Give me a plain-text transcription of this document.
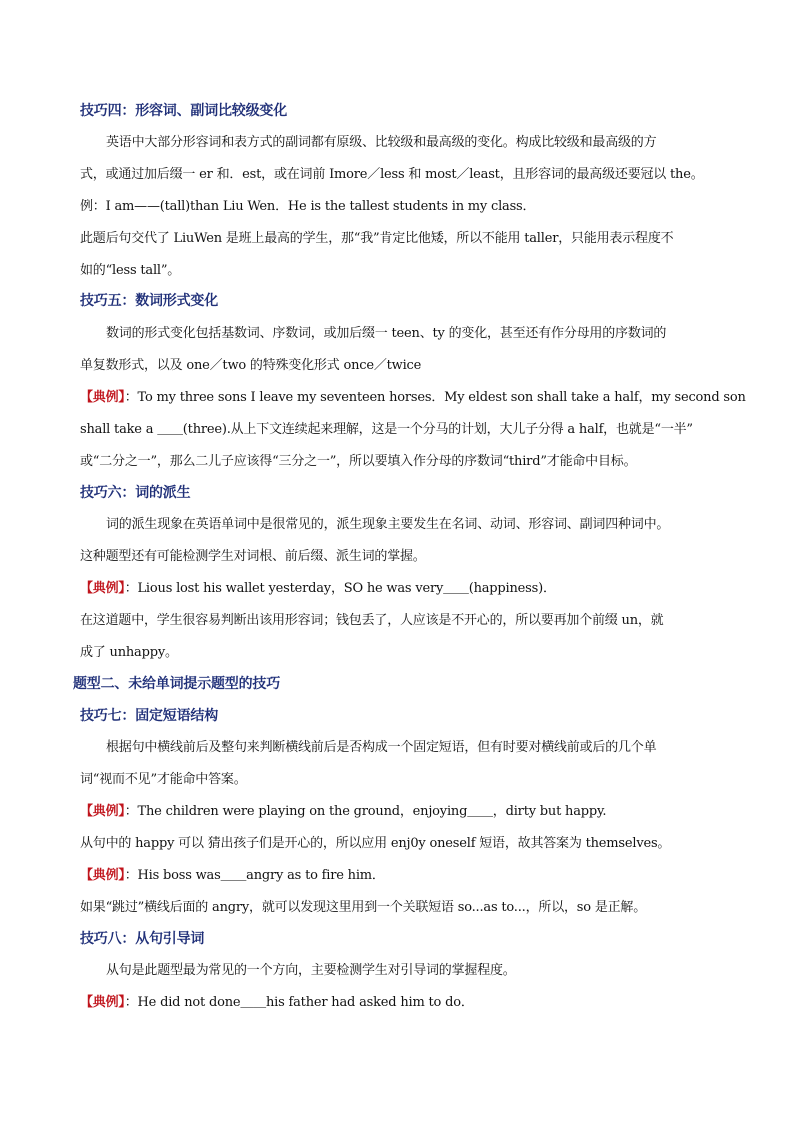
技巧四：形容词、副词比较级变化
英语中大部分形容词和表方式的副词都有原级、比较级和最高级的变化。构成比较级和最高级的方
式，或通过加后缀一 er 和．est，或在词前 Imore／less 和 most／least，且形容词的最高级还要冠以 the。
例：I am——(tall)than Liu Wen．He is the tallest students in my class．
此题后句交代了 LiuWen 是班上最高的学生，那“我”肯定比他矮，所以不能用 taller，只能用表示程度不
如的“less tall”。
技巧五：数词形式变化
数词的形式变化包括基数词、序数词，或加后缀一 teen、ty 的变化，甚至还有作分母用的序数词的
单复数形式，以及 one／two 的特殊变化形式 once／twice
【典例】：To my three sons I leave my seventeen horses．My eldest son shall take a half，my second son
shall take a ＿＿(three).从上下文连续起来理解，这是一个分马的计划，大儿子分得 a half，也就是“一半”
或“二分之一”，那么二儿子应该得“三分之一”，所以要填入作分母的序数词“third”才能命中目标。
技巧六：词的派生
词的派生现象在英语单词中是很常见的，派生现象主要发生在名词、动词、形容词、副词四种词中。
这种题型还有可能检测学生对词根、前后缀、派生词的掌握。
【典例】：Lious lost his wallet yesterday，SO he was very＿＿(happiness)．
在这道题中，学生很容易判断出该用形容词；钱包丢了，人应该是不开心的，所以要再加个前缀 un，就
成了 unhappy。
题型二、未给单词提示题型的技巧
技巧七：固定短语结构
根据句中横线前后及整句来判断横线前后是否构成一个固定短语，但有时要对横线前或后的几个单
词“视而不见”才能命中答案。
【典例】：The children were playing on the ground，enjoying＿＿，dirty but happy.
从句中的 happy 可以 猜出孩子们是开心的，所以应用 enj0y oneself 短语，故其答案为 themselves。
【典例】：His boss was＿＿angry as to fire him．
如果“跳过”横线后面的 angry，就可以发现这里用到一个关联短语 so...as to...，所以，so 是正解。
技巧八：从句引导词
从句是此题型最为常见的一个方向，主要检测学生对引导词的掌握程度。
【典例】：He did not done＿＿his father had asked him to do．
